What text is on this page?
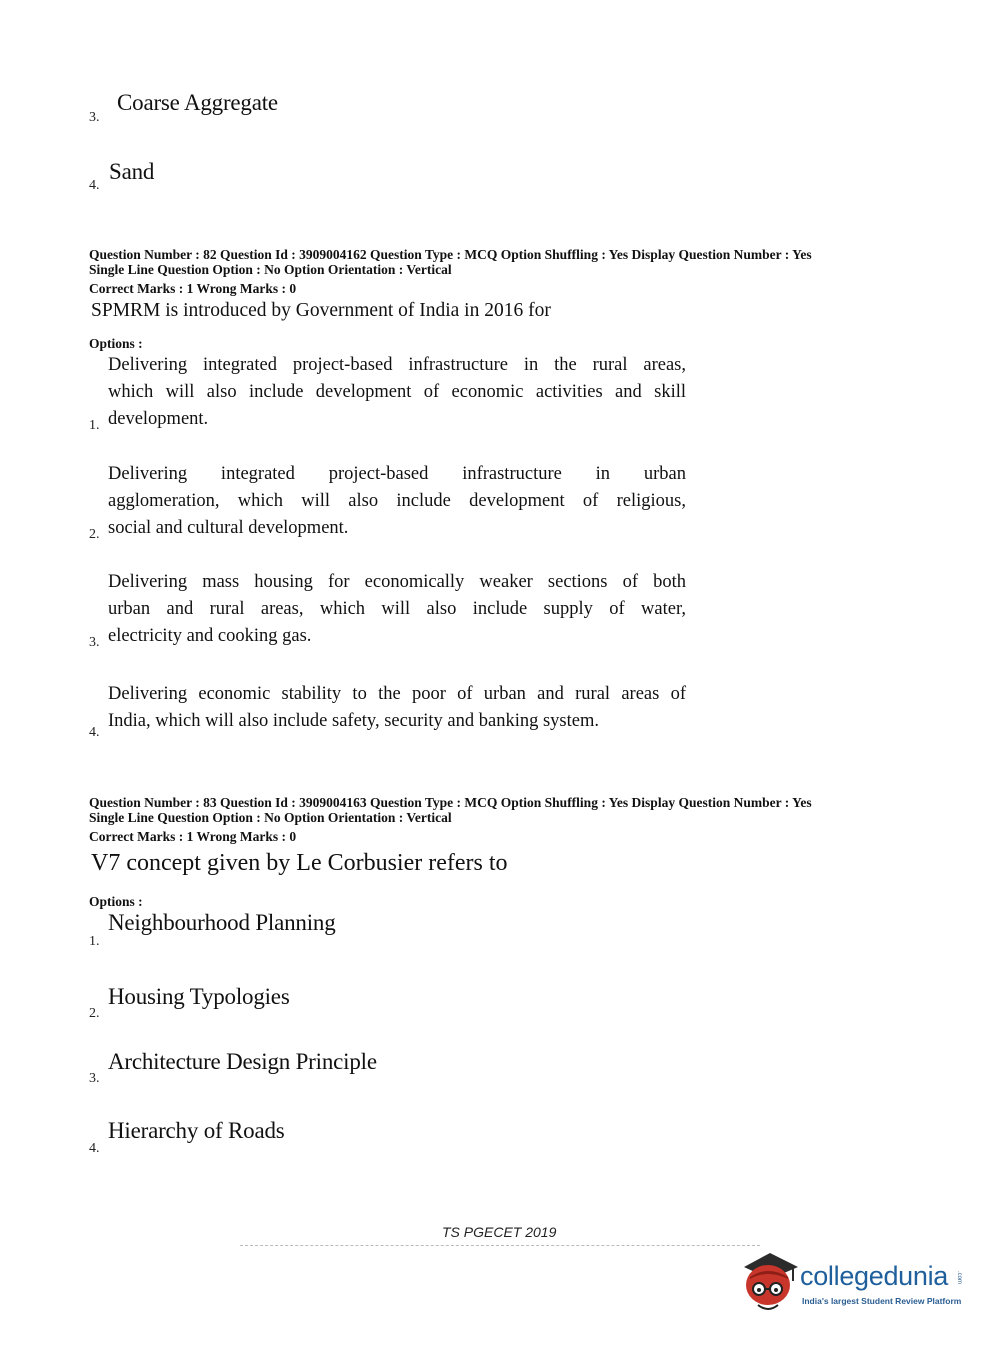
3.
Coarse Aggregate
4.
Sand
Question Number : 82 Question Id : 3909004162 Question Type : MCQ Option Shuffling : Yes Display Question Number : Yes
Single Line Question Option : No Option Orientation : Vertical
Correct Marks : 1 Wrong Marks : 0
SPMRM is introduced by Government of India in 2016 for
Options :
Delivering integrated project-based infrastructure in the rural areas,
which will also include development of economic activities and skill
development.
1.
Delivering integrated project-based infrastructure in urban
agglomeration, which will also include development of religious,
social and cultural development.
2.
Delivering mass housing for economically weaker sections of both
urban and rural areas, which will also include supply of water,
electricity and cooking gas.
3.
Delivering economic stability to the poor of urban and rural areas of
India, which will also include safety, security and banking system.
4.
Question Number : 83 Question Id : 3909004163 Question Type : MCQ Option Shuffling : Yes Display Question Number : Yes
Single Line Question Option : No Option Orientation : Vertical
Correct Marks : 1 Wrong Marks : 0
V7 concept given by Le Corbusier refers to
Options :
1.
Neighbourhood Planning
2.
Housing Typologies
3.
Architecture Design Principle
4.
Hierarchy of Roads
TS PGECET 2019
collegedunia .com
India's largest Student Review Platform
